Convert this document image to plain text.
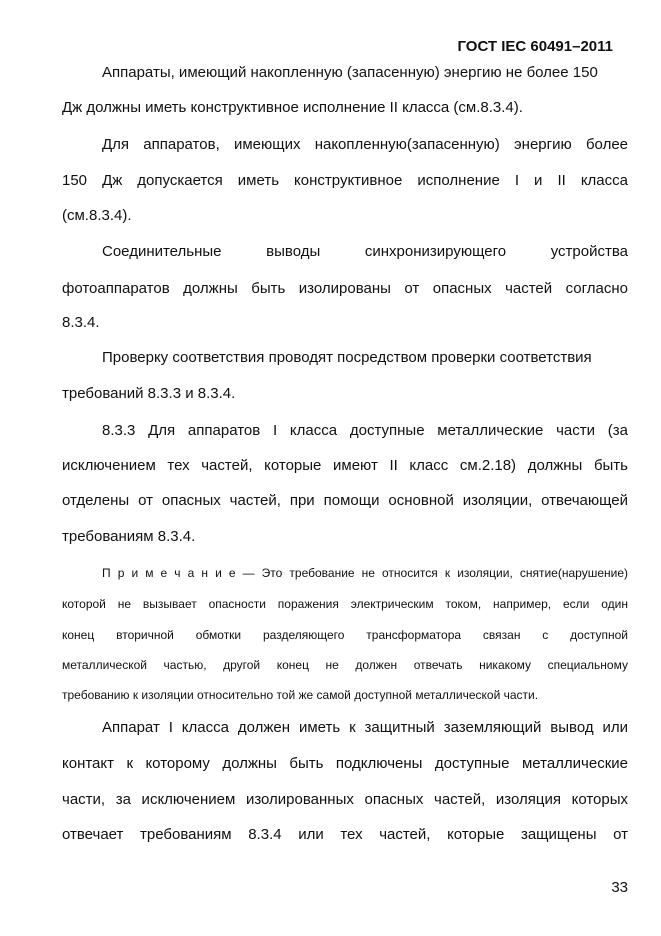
ГОСТ IEC 60491–2011
Аппараты, имеющий накопленную (запасенную) энергию не более 150
Дж должны иметь конструктивное исполнение II класса (см.8.3.4).
Для аппаратов, имеющих накопленную(запасенную) энергию более
150 Дж допускается иметь конструктивное исполнение I и II класса
(см.8.3.4).
Соединительные выводы синхронизирующего устройства
фотоаппаратов должны быть изолированы от опасных частей согласно
8.3.4.
Проверку соответствия проводят посредством проверки соответствия
требований 8.3.3 и 8.3.4.
8.3.3 Для аппаратов I класса доступные металлические части (за
исключением тех частей, которые имеют II класс см.2.18) должны быть
отделены от опасных частей, при помощи основной изоляции, отвечающей
требованиям 8.3.4.
П р и м е ч а н и е — Это требование не относится к изоляции, снятие(нарушение)
которой не вызывает опасности поражения электрическим током, например, если один
конец вторичной обмотки разделяющего трансформатора связан с доступной
металлической частью, другой конец не должен отвечать никакому специальному
требованию к изоляции относительно той же самой доступной металлической части.
Аппарат I класса должен иметь к защитный заземляющий вывод или
контакт к которому должны быть подключены доступные металлические
части, за исключением изолированных опасных частей, изоляция которых
отвечает требованиям 8.3.4 или тех частей, которые защищены от
33
